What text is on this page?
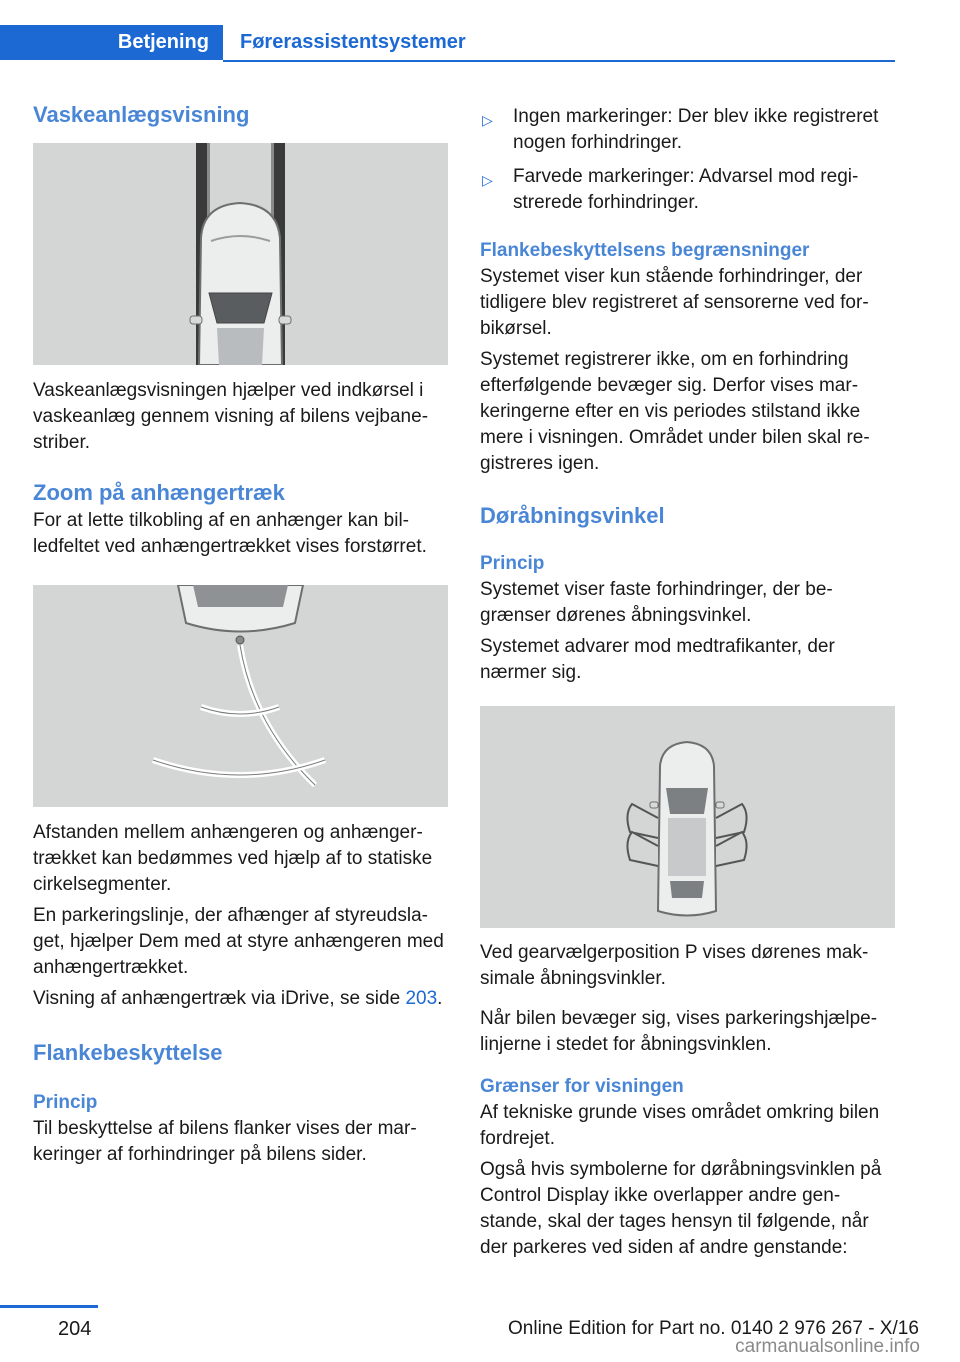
Betjening	Førerassistentsystemer
Vaskeanlægsvisning

Vaskeanlægsvisningen hjælper ved indkørsel i vaskeanlæg gennem visning af bilens vejbanestriber.

Zoom på anhængertræk

For at lette tilkobling af en anhænger kan billedfeltet ved anhængertrækket vises forstørret.

Afstanden mellem anhængeren og anhængertrækket kan bedømmes ved hjælp af to statiske cirkelsegmenter.

En parkeringslinje, der afhænger af styreudslaget, hjælper Dem med at styre anhængeren med anhængertrækket.

Visning af anhængertræk via iDrive, se side 203.

Flankebeskyttelse
Princip

Til beskyttelse af bilens flanker vises der markeringer af forhindringer på bilens sider.

▷ Ingen markeringer: Der blev ikke registreret nogen forhindringer.
▷ Farvede markeringer: Advarsel mod registrerede forhindringer.
Flankebeskyttelsens begrænsninger

Systemet viser kun stående forhindringer, der tidligere blev registreret af sensorerne ved forbikørsel.

Systemet registrerer ikke, om en forhindring efterfølgende bevæger sig. Derfor vises markeringerne efter en vis periodes stilstand ikke mere i visningen. Området under bilen skal registreres igen.

Døråbningsvinkel
Princip

Systemet viser faste forhindringer, der begrænser dørenes åbningsvinkel.

Systemet advarer mod medtrafikanter, der nærmer sig.

Ved gearvælgerposition P vises dørenes maksimale åbningsvinkler.

Når bilen bevæger sig, vises parkeringshjælpelinjerne i stedet for åbningsvinklen.

Grænser for visningen

Af tekniske grunde vises området omkring bilen fordrejet.

Også hvis symbolerne for døråbningsvinklen på Control Display ikke overlapper andre genstande, skal der tages hensyn til følgende, når der parkeres ved siden af andre genstande:

204	Online Edition for Part no. 0140 2 976 267 - X/16
carmanualsonline.info
